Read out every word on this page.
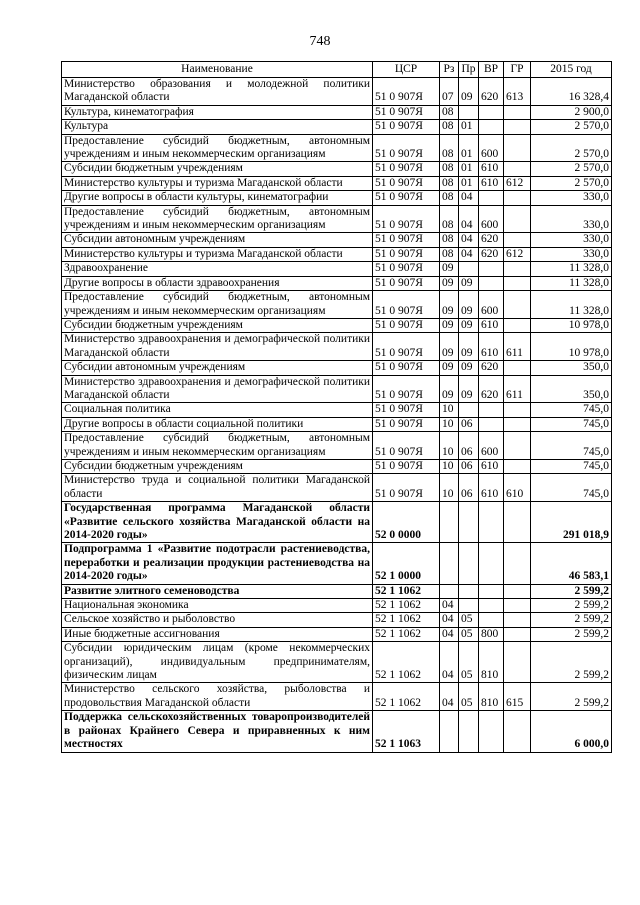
748
Наименование	ЦСР	Рз	Пр	ВР	ГР	2015 год
Министерство образования и молодежной политики Магаданской области	51 0 907Я	07	09	620	613	16 328,4
Культура, кинематография	51 0 907Я	08				2 900,0
Культура	51 0 907Я	08	01			2 570,0
Предоставление субсидий бюджетным, автономным учреждениям и иным некоммерческим организациям	51 0 907Я	08	01	600		2 570,0
Субсидии бюджетным учреждениям	51 0 907Я	08	01	610		2 570,0
Министерство культуры и туризма Магаданской области	51 0 907Я	08	01	610	612	2 570,0
Другие вопросы в области культуры, кинематографии	51 0 907Я	08	04			330,0
Предоставление субсидий бюджетным, автономным учреждениям и иным некоммерческим организациям	51 0 907Я	08	04	600		330,0
Субсидии автономным учреждениям	51 0 907Я	08	04	620		330,0
Министерство культуры и туризма Магаданской области	51 0 907Я	08	04	620	612	330,0
Здравоохранение	51 0 907Я	09				11 328,0
Другие вопросы в области здравоохранения	51 0 907Я	09	09			11 328,0
Предоставление субсидий бюджетным, автономным учреждениям и иным некоммерческим организациям	51 0 907Я	09	09	600		11 328,0
Субсидии бюджетным учреждениям	51 0 907Я	09	09	610		10 978,0
Министерство здравоохранения и демографической политики Магаданской области	51 0 907Я	09	09	610	611	10 978,0
Субсидии автономным учреждениям	51 0 907Я	09	09	620		350,0
Министерство здравоохранения и демографической политики Магаданской области	51 0 907Я	09	09	620	611	350,0
Социальная политика	51 0 907Я	10				745,0
Другие вопросы в области социальной политики	51 0 907Я	10	06			745,0
Предоставление субсидий бюджетным, автономным учреждениям и иным некоммерческим организациям	51 0 907Я	10	06	600		745,0
Субсидии бюджетным учреждениям	51 0 907Я	10	06	610		745,0
Министерство труда и социальной политики Магаданской области	51 0 907Я	10	06	610	610	745,0
Государственная программа Магаданской области «Развитие сельского хозяйства Магаданской области на 2014-2020 годы»	52 0 0000					291 018,9
Подпрограмма 1 «Развитие подотрасли растениеводства, переработки и реализации продукции растениеводства на 2014-2020 годы»	52 1 0000					46 583,1
Развитие элитного семеноводства	52 1 1062					2 599,2
Национальная экономика	52 1 1062	04				2 599,2
Сельское хозяйство и рыболовство	52 1 1062	04	05			2 599,2
Иные бюджетные ассигнования	52 1 1062	04	05	800		2 599,2
Субсидии юридическим лицам (кроме некоммерческих организаций), индивидуальным предпринимателям, физическим лицам	52 1 1062	04	05	810		2 599,2
Министерство сельского хозяйства, рыболовства и продовольствия Магаданской области	52 1 1062	04	05	810	615	2 599,2
Поддержка сельскохозяйственных товаропроизводителей в районах Крайнего Севера и приравненных к ним местностях	52 1 1063					6 000,0
